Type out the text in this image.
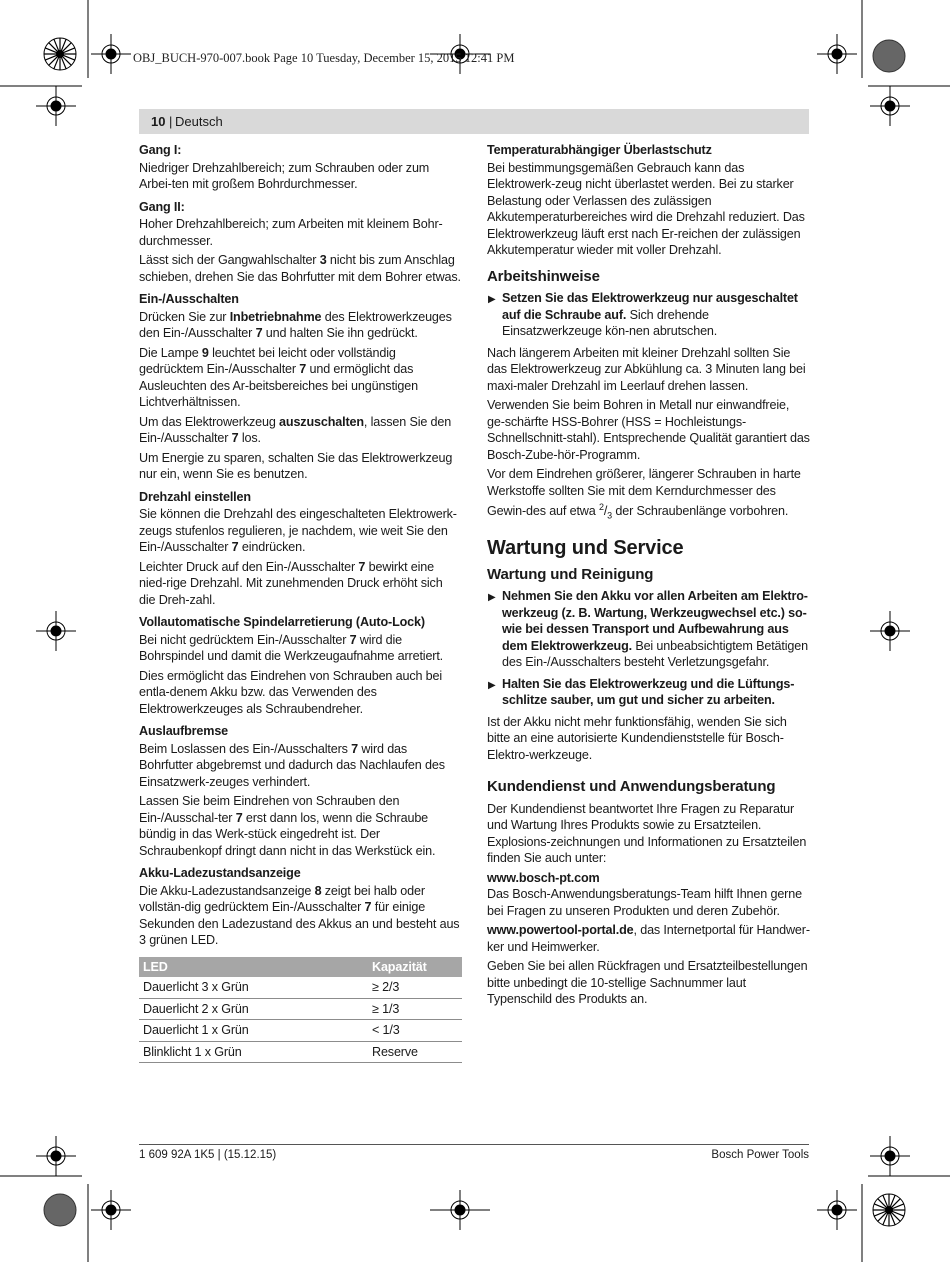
OBJ_BUCH-970-007.book Page 10 Tuesday, December 15, 2015 12:41 PM
10 | Deutsch
Gang I:

Niedriger Drehzahlbereich; zum Schrauben oder zum Arbei-ten mit großem Bohrdurchmesser.

Gang II:

Hoher Drehzahlbereich; zum Arbeiten mit kleinem Bohr-durchmesser.

Lässt sich der Gangwahlschalter 3 nicht bis zum Anschlag schieben, drehen Sie das Bohrfutter mit dem Bohrer etwas.

Ein-/Ausschalten

Drücken Sie zur Inbetriebnahme des Elektrowerkzeuges den Ein-/Ausschalter 7 und halten Sie ihn gedrückt.

Die Lampe 9 leuchtet bei leicht oder vollständig gedrücktem Ein-/Ausschalter 7 und ermöglicht das Ausleuchten des Ar-beitsbereiches bei ungünstigen Lichtverhältnissen.

Um das Elektrowerkzeug auszuschalten, lassen Sie den Ein-/Ausschalter 7 los.

Um Energie zu sparen, schalten Sie das Elektrowerkzeug nur ein, wenn Sie es benutzen.

Drehzahl einstellen

Sie können die Drehzahl des eingeschalteten Elektrowerk-zeugs stufenlos regulieren, je nachdem, wie weit Sie den Ein-/Ausschalter 7 eindrücken.

Leichter Druck auf den Ein-/Ausschalter 7 bewirkt eine nied-rige Drehzahl. Mit zunehmenden Druck erhöht sich die Dreh-zahl.

Vollautomatische Spindelarretierung (Auto-Lock)

Bei nicht gedrücktem Ein-/Ausschalter 7 wird die Bohrspindel und damit die Werkzeugaufnahme arretiert.

Dies ermöglicht das Eindrehen von Schrauben auch bei entla-denem Akku bzw. das Verwenden des Elektrowerkzeuges als Schraubendreher.

Auslaufbremse

Beim Loslassen des Ein-/Ausschalters 7 wird das Bohrfutter abgebremst und dadurch das Nachlaufen des Einsatzwerk-zeuges verhindert.

Lassen Sie beim Eindrehen von Schrauben den Ein-/Ausschal-ter 7 erst dann los, wenn die Schraube bündig in das Werk-stück eingedreht ist. Der Schraubenkopf dringt dann nicht in das Werkstück ein.

Akku-Ladezustandsanzeige

Die Akku-Ladezustandsanzeige 8 zeigt bei halb oder vollstän-dig gedrücktem Ein-/Ausschalter 7 für einige Sekunden den Ladezustand des Akkus an und besteht aus 3 grünen LED.

LED	Kapazität
Dauerlicht 3 x Grün	≥ 2/3
Dauerlicht 2 x Grün	≥ 1/3
Dauerlicht 1 x Grün	< 1/3
Blinklicht 1 x Grün	Reserve
Temperaturabhängiger Überlastschutz

Bei bestimmungsgemäßen Gebrauch kann das Elektrowerk-zeug nicht überlastet werden. Bei zu starker Belastung oder Verlassen des zulässigen Akkutemperaturbereiches wird die Drehzahl reduziert. Das Elektrowerkzeug läuft erst nach Er-reichen der zulässigen Akkutemperatur wieder mit voller Drehzahl.

Arbeitshinweise
▶ Setzen Sie das Elektrowerkzeug nur ausgeschaltet auf die Schraube auf. Sich drehende Einsatzwerkzeuge kön-nen abrutschen.

Nach längerem Arbeiten mit kleiner Drehzahl sollten Sie das Elektrowerkzeug zur Abkühlung ca. 3 Minuten lang bei maxi-maler Drehzahl im Leerlauf drehen lassen.

Verwenden Sie beim Bohren in Metall nur einwandfreie, ge-schärfte HSS-Bohrer (HSS = Hochleistungs-Schnellschnitt-stahl). Entsprechende Qualität garantiert das Bosch-Zube-hör-Programm.

Vor dem Eindrehen größerer, längerer Schrauben in harte Werkstoffe sollten Sie mit dem Kerndurchmesser des Gewin-des auf etwa $^2/_3$ der Schraubenlänge vorbohren.

Wartung und Service
Wartung und Reinigung
▶ Nehmen Sie den Akku vor allen Arbeiten am Elektro-werkzeug (z. B. Wartung, Werkzeugwechsel etc.) so-wie bei dessen Transport und Aufbewahrung aus dem Elektrowerkzeug. Bei unbeabsichtigtem Betätigen des Ein-/Ausschalters besteht Verletzungsgefahr.
▶ Halten Sie das Elektrowerkzeug und die Lüftungs-schlitze sauber, um gut und sicher zu arbeiten.

Ist der Akku nicht mehr funktionsfähig, wenden Sie sich bitte an eine autorisierte Kundendienststelle für Bosch-Elektro-werkzeuge.

Kundendienst und Anwendungsberatung

Der Kundendienst beantwortet Ihre Fragen zu Reparatur und Wartung Ihres Produkts sowie zu Ersatzteilen. Explosions-zeichnungen und Informationen zu Ersatzteilen finden Sie auch unter:

www.bosch-pt.com

Das Bosch-Anwendungsberatungs-Team hilft Ihnen gerne bei Fragen zu unseren Produkten und deren Zubehör.

www.powertool-portal.de, das Internetportal für Handwer-ker und Heimwerker.

Geben Sie bei allen Rückfragen und Ersatzteilbestellungen bitte unbedingt die 10-stellige Sachnummer laut Typenschild des Produkts an.

1 609 92A 1K5 | (15.12.15)	Bosch Power Tools
